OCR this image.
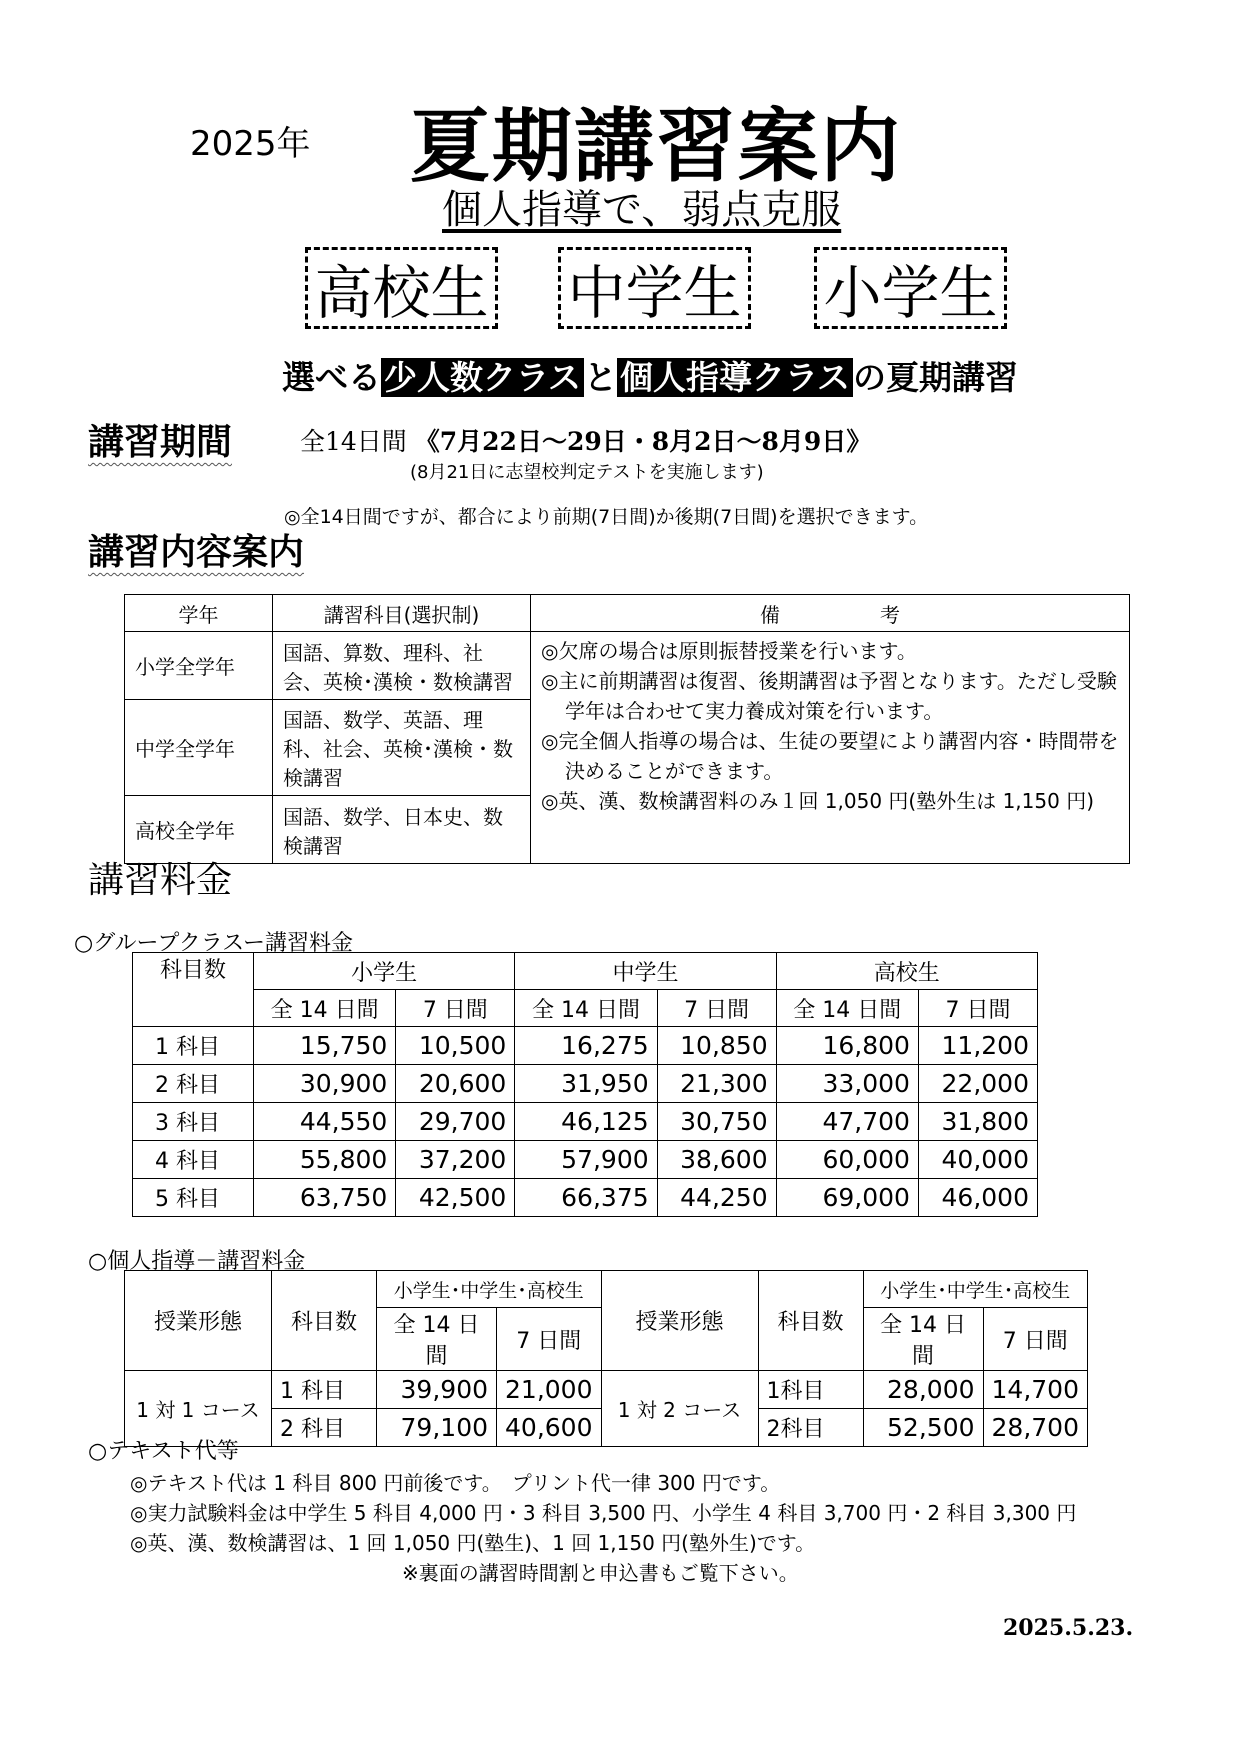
2025年 夏期講習案内
個人指導で、弱点克服
高校生 中学生 小学生
選べる少人数クラスと個人指導クラスの夏期講習
講習期間	全14日間 《7月22日～29日・8月2日～8月9日》
(8月21日に志望校判定テストを実施します)
◎全14日間ですが、都合により前期(7日間)か後期(7日間)を選択できます。
講習内容案内
学年	講習科目(選択制)	備　　　　　考
小学全学年	国語、算数、理科、社会、英検･漢検・数検講習	◎欠席の場合は原則振替授業を行います。
◎主に前期講習は復習、後期講習は予習となります。ただし受験学年は合わせて実力養成対策を行います。
◎完全個人指導の場合は、生徒の要望により講習内容・時間帯を決めることができます。
◎英、漢、数検講習料のみ１回 1,050 円(塾外生は 1,150 円)

中学全学年	国語、数学、英語、理科、社会、英検･漢検・数検講習	
高校全学年	国語、数学、日本史、数検講習	
講習料金
○グループクラスー講習料金
科目数	小学生		中学生		高校生	
	全 14 日間	7 日間	全 14 日間	7 日間	全 14 日間	7 日間
1 科目	15,750	10,500	16,275	10,850	16,800	11,200
2 科目	30,900	20,600	31,950	21,300	33,000	22,000
3 科目	44,550	29,700	46,125	30,750	47,700	31,800
4 科目	55,800	37,200	57,900	38,600	60,000	40,000
5 科目	63,750	42,500	66,375	44,250	69,000	46,000
○個人指導－講習料金
授業形態	科目数	小学生･中学生･高校生		授業形態	科目数	小学生･中学生･高校生	
		全 14 日間	7 日間			全 14 日間	7 日間
1 対 1 コース	1 科目	39,900	21,000	1 対 2 コース	1科目	28,000	14,700
	2 科目	79,100	40,600		2科目	52,500	28,700
○テキスト代等
◎テキスト代は 1 科目 800 円前後です。　プリント代一律 300 円です。
◎実力試験料金は中学生 5 科目 4,000 円・3 科目 3,500 円、小学生 4 科目 3,700 円・2 科目 3,300 円
◎英、漢、数検講習は、1 回 1,050 円(塾生)、1 回 1,150 円(塾外生)です。
※裏面の講習時間割と申込書もご覧下さい。
2025.5.23.
